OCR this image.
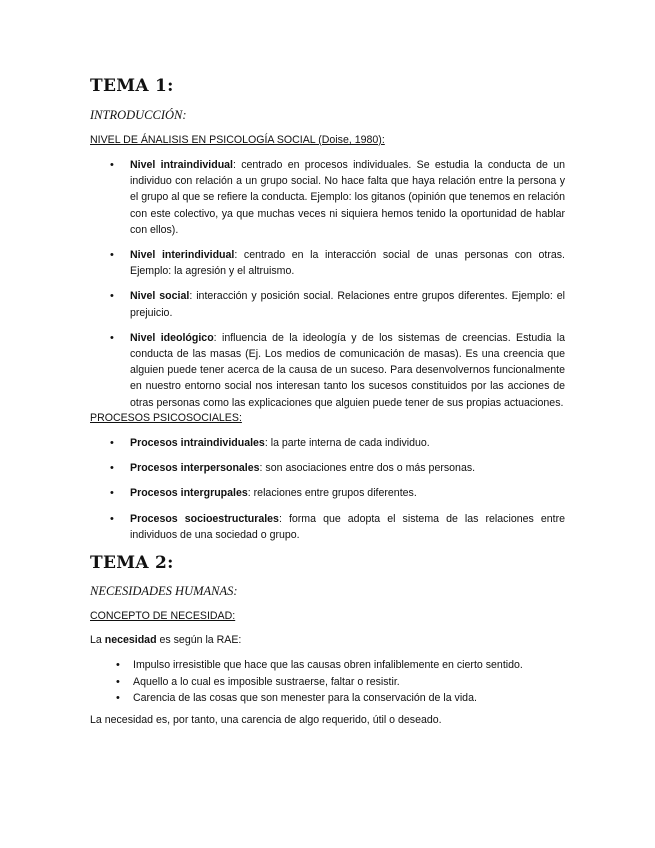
TEMA 1:

INTRODUCCIÓN:

NIVEL DE ÁNALISIS EN PSICOLOGÍA SOCIAL (Doise, 1980):

• Nivel intraindividual: centrado en procesos individuales. Se estudia la conducta de un individuo con relación a un grupo social. No hace falta que haya relación entre la persona y el grupo al que se refiere la conducta. Ejemplo: los gitanos (opinión que tenemos en relación con este colectivo, ya que muchas veces ni siquiera hemos tenido la oportunidad de hablar con ellos).
• Nivel interindividual: centrado en la interacción social de unas personas con otras. Ejemplo: la agresión y el altruismo.
• Nivel social: interacción y posición social. Relaciones entre grupos diferentes. Ejemplo: el prejuicio.
• Nivel ideológico: influencia de la ideología y de los sistemas de creencias. Estudia la conducta de las masas (Ej. Los medios de comunicación de masas). Es una creencia que alguien puede tener acerca de la causa de un suceso. Para desenvolvernos funcionalmente en nuestro entorno social nos interesan tanto los sucesos constituidos por las acciones de otras personas como las explicaciones que alguien puede tener de sus propias actuaciones.

PROCESOS PSICOSOCIALES:

• Procesos intraindividuales: la parte interna de cada individuo.
• Procesos interpersonales: son asociaciones entre dos o más personas.
• Procesos intergrupales: relaciones entre grupos diferentes.
• Procesos socioestructurales: forma que adopta el sistema de las relaciones entre individuos de una sociedad o grupo.
TEMA 2:

NECESIDADES HUMANAS:

CONCEPTO DE NECESIDAD:

La necesidad es según la RAE:

• Impulso irresistible que hace que las causas obren infaliblemente en cierto sentido.
• Aquello a lo cual es imposible sustraerse, faltar o resistir.
• Carencia de las cosas que son menester para la conservación de la vida.

La necesidad es, por tanto, una carencia de algo requerido, útil o deseado.
